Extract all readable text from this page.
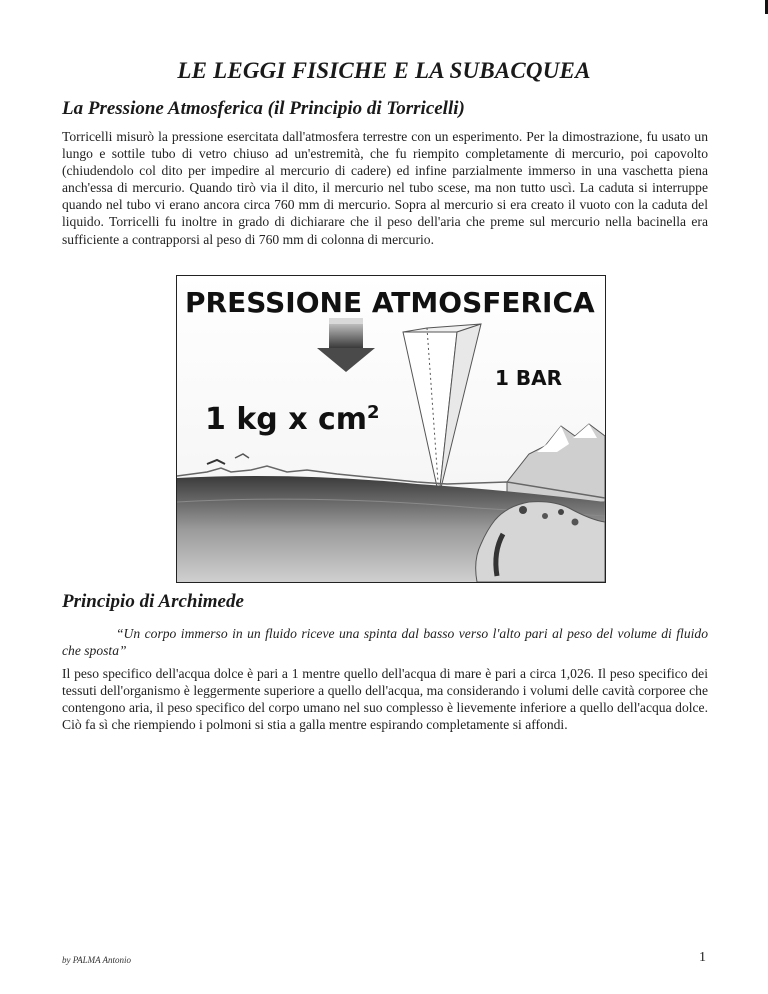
LE LEGGI FISICHE E LA SUBACQUEA
La Pressione Atmosferica (il Principio di Torricelli)
Torricelli misurò la pressione esercitata dall'atmosfera terrestre con un esperimento. Per la dimostrazione, fu usato un lungo e sottile tubo di vetro chiuso ad un'estremità, che fu riempito completamente di mercurio, poi capovolto (chiudendolo col dito per impedire al mercurio di cadere) ed infine parzialmente immerso in una vaschetta piena anch'essa di mercurio. Quando tirò via il dito, il mercurio nel tubo scese, ma non tutto uscì. La caduta si interruppe quando nel tubo vi erano ancora circa 760 mm di mercurio. Sopra al mercurio si era creato il vuoto con la caduta del liquido. Torricelli fu inoltre in grado di dichiarare che il peso dell'aria che preme sul mercurio nella bacinella era sufficiente a contrapporsi al peso di 760 mm di colonna di mercurio.
PRESSIONE ATMOSFERICA
1 BAR
1 kg x $cm^2$
Principio di Archimede
“Un corpo immerso in un fluido riceve una spinta dal basso verso l'alto pari al peso del volume di fluido che sposta”
Il peso specifico dell'acqua dolce è pari a 1 mentre quello dell'acqua di mare è pari a circa 1,026. Il peso specifico dei tessuti dell'organismo è leggermente superiore a quello dell'acqua, ma considerando i volumi delle cavità corporee che contengono aria, il peso specifico del corpo umano nel suo complesso è lievemente inferiore a quello dell'acqua dolce. Ciò fa sì che riempiendo i polmoni si stia a galla mentre espirando completamente si affondi.
by PALMA Antonio	1
